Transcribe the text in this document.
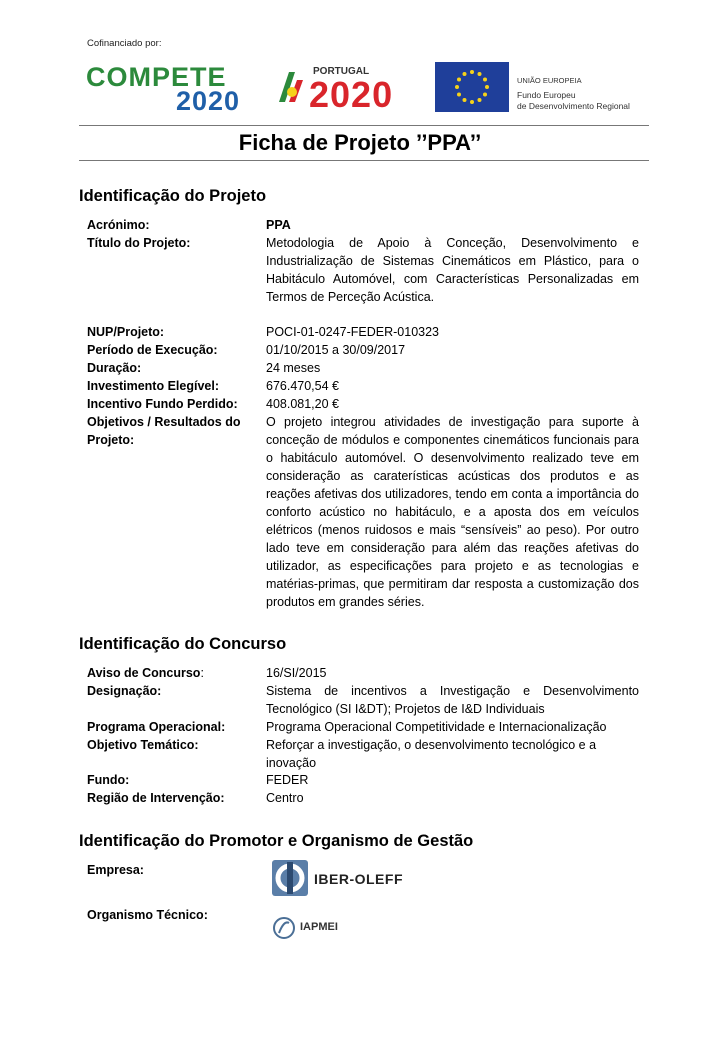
Cofinanciado por:
COMPETE
2020
PORTUGAL
2020	UNIÃO EUROPEIA
Fundo Europeu
de Desenvolvimento Regional
Ficha de Projeto ’’PPA’’
Identificação do Projeto
Acrónimo:	PPA
Título do Projeto:	Metodologia de Apoio à Conceção, Desenvolvimento e Industrialização de Sistemas Cinemáticos em Plástico, para o Habitáculo Automóvel, com Características Personalizadas em Termos de Perceção Acústica.
NUP/Projeto:	POCI-01-0247-FEDER-010323
Período de Execução:	01/10/2015 a 30/09/2017
Duração:	24 meses
Investimento Elegível:	676.470,54 €
Incentivo Fundo Perdido: 408.081,20 €
Objetivos / Resultados do
Projeto:
O projeto integrou atividades de investigação para suporte à conceção de módulos e componentes cinemáticos funcionais para o habitáculo automóvel. O desenvolvimento realizado teve em consideração as caraterísticas acústicas dos produtos e as reações afetivas dos utilizadores, tendo em conta a importância do conforto acústico no habitáculo, e a aposta dos em veículos elétricos (menos ruidosos e mais “sensíveis” ao peso). Por outro lado teve em consideração para além das reações afetivas do utilizador, as especificações para projeto e as tecnologias e matérias-primas, que permitiram dar resposta a customização dos produtos em grandes séries.
Identificação do Concurso
Aviso de Concurso:	16/SI/2015
Designação:	Sistema de incentivos a Investigação e Desenvolvimento Tecnológico (SI I&DT); Projetos de I&D Individuais
Programa Operacional:	Programa Operacional Competitividade e Internacionalização
Objetivo Temático:	Reforçar a investigação, o desenvolvimento tecnológico e a inovação
Fundo:	FEDER
Região de Intervenção:	Centro
Identificação do Promotor e Organismo de Gestão
Empresa:
IBER-OLEFF
Organismo Técnico:
IAPMEI
